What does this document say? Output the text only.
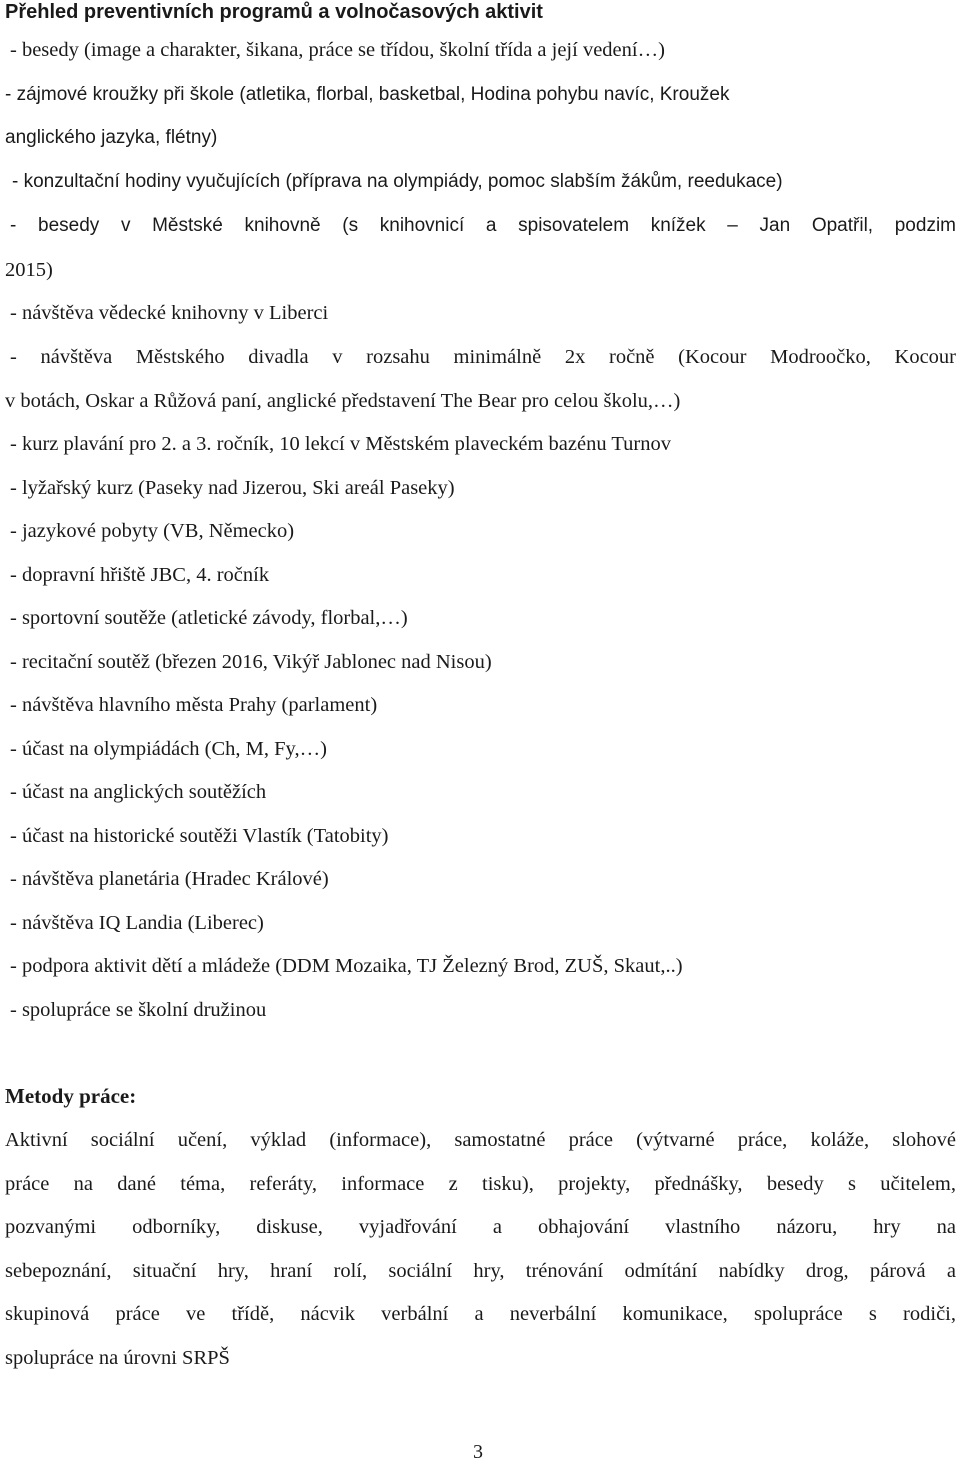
Přehled preventivních programů a volnočasových aktivit
- besedy (image a charakter, šikana, práce se třídou, školní třída a její vedení…)
- zájmové kroužky při škole (atletika, florbal, basketbal, Hodina pohybu navíc, Kroužek
anglického jazyka, flétny)
- konzultační hodiny vyučujících (příprava na olympiády, pomoc slabším žákům, reedukace)
- besedy v Městské knihovně (s knihovnicí a spisovatelem knížek – Jan Opatřil, podzim
2015)
- návštěva vědecké knihovny v Liberci
- návštěva Městského divadla v rozsahu minimálně 2x ročně (Kocour Modroočko, Kocour
v botách, Oskar a Růžová paní, anglické představení The Bear pro celou školu,…)
- kurz plavání pro 2. a 3. ročník, 10 lekcí v Městském plaveckém bazénu Turnov
- lyžařský kurz (Paseky nad Jizerou, Ski areál Paseky)
- jazykové pobyty (VB, Německo)
- dopravní hřiště JBC, 4. ročník
- sportovní soutěže (atletické závody, florbal,…)
- recitační soutěž (březen 2016, Vikýř Jablonec nad Nisou)
- návštěva hlavního města Prahy (parlament)
- účast na olympiádách (Ch, M, Fy,…)
- účast na anglických soutěžích
- účast na historické soutěži Vlastík (Tatobity)
- návštěva planetária (Hradec Králové)
- návštěva IQ Landia (Liberec)
- podpora aktivit dětí a mládeže (DDM Mozaika, TJ Železný Brod, ZUŠ, Skaut,..)
- spolupráce se školní družinou
Metody práce:
Aktivní sociální učení, výklad (informace), samostatné práce (výtvarné práce, koláže, slohové
práce na dané téma, referáty, informace z tisku), projekty, přednášky, besedy s učitelem,
pozvanými odborníky, diskuse, vyjadřování a obhajování vlastního názoru, hry na
sebepoznání, situační hry, hraní rolí, sociální hry, trénování odmítání nabídky drog, párová a
skupinová práce ve třídě, nácvik verbální a neverbální komunikace, spolupráce s rodiči,
spolupráce na úrovni SRPŠ
3
